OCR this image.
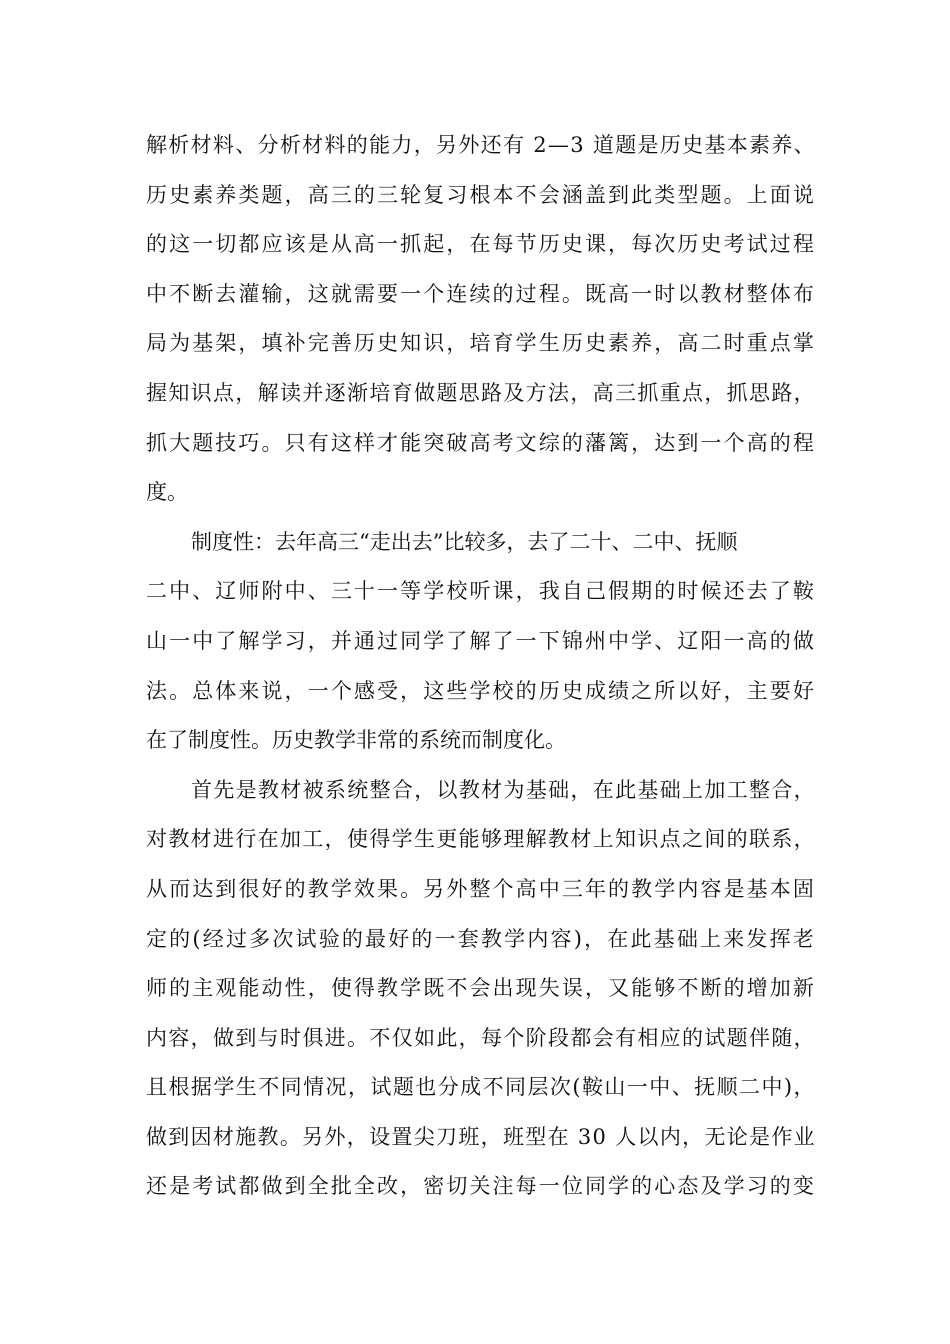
解析材料、分析材料的能力，另外还有 2—3 道题是历史基本素养、
历史素养类题，高三的三轮复习根本不会涵盖到此类型题。上面说
的这一切都应该是从高一抓起，在每节历史课，每次历史考试过程
中不断去灌输，这就需要一个连续的过程。既高一时以教材整体布
局为基架，填补完善历史知识，培育学生历史素养，高二时重点掌
握知识点，解读并逐渐培育做题思路及方法，高三抓重点，抓思路，
抓大题技巧。只有这样才能突破高考文综的藩篱，达到一个高的程
度。
制度性：去年高三“走出去”比较多，去了二十、二中、抚顺
二中、辽师附中、三十一等学校听课，我自己假期的时候还去了鞍
山一中了解学习，并通过同学了解了一下锦州中学、辽阳一高的做
法。总体来说，一个感受，这些学校的历史成绩之所以好，主要好
在了制度性。历史教学非常的系统而制度化。
首先是教材被系统整合，以教材为基础，在此基础上加工整合，
对教材进行在加工，使得学生更能够理解教材上知识点之间的联系，
从而达到很好的教学效果。另外整个高中三年的教学内容是基本固
定的(经过多次试验的最好的一套教学内容)，在此基础上来发挥老
师的主观能动性，使得教学既不会出现失误，又能够不断的增加新
内容，做到与时俱进。不仅如此，每个阶段都会有相应的试题伴随，
且根据学生不同情况，试题也分成不同层次(鞍山一中、抚顺二中)，
做到因材施教。另外，设置尖刀班，班型在 30 人以内，无论是作业
还是考试都做到全批全改，密切关注每一位同学的心态及学习的变
